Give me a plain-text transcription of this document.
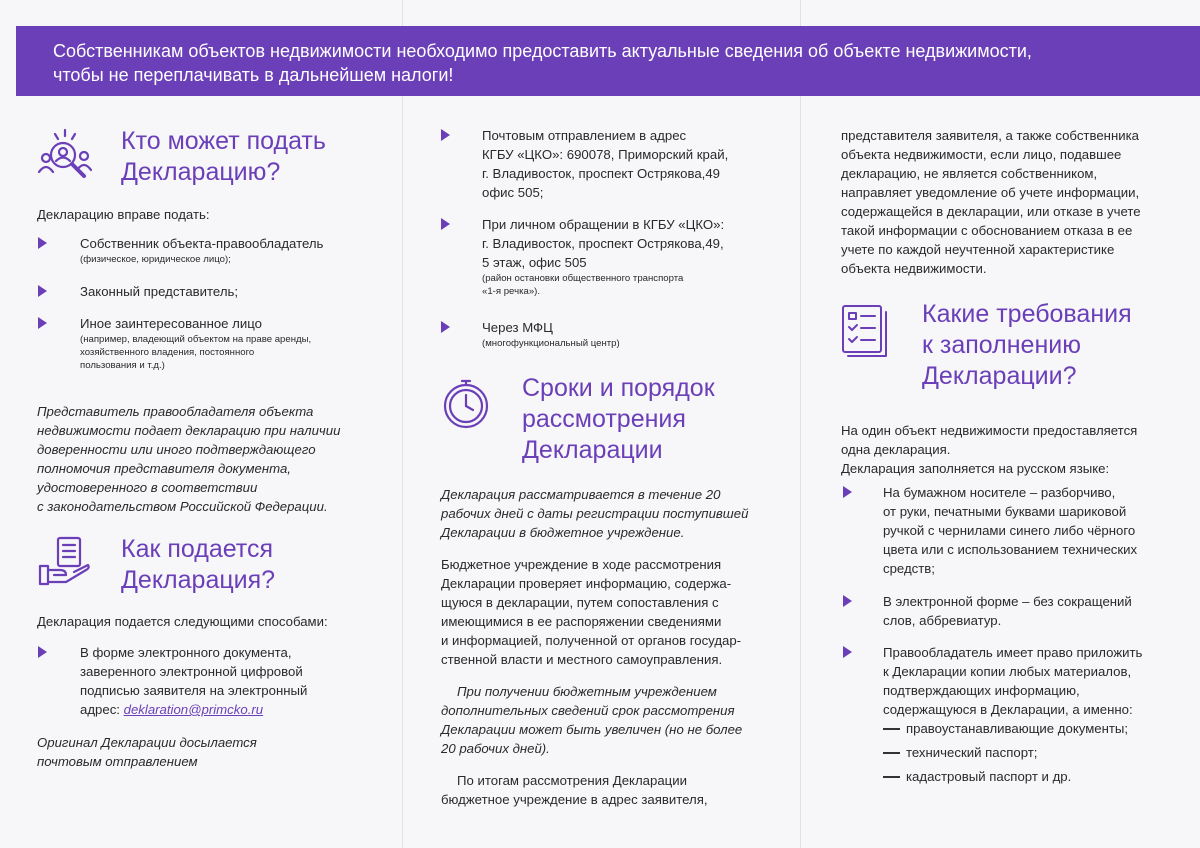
Собственникам объектов недвижимости необходимо предоставить актуальные сведения об объекте недвижимости,
чтобы не переплачивать в дальнейшем налоги!
Кто может подать
Декларацию?
Декларацию вправе подать:
Собственник объекта-правообладатель
(физическое, юридическое лицо);
Законный представитель;
Иное заинтересованное лицо
(например, владеющий объектом на праве аренды,
хозяйственного владения, постоянного
пользования и т.д.)
Представитель правообладателя объекта
недвижимости подает декларацию при наличии
доверенности или иного подтверждающего
полномочия представителя документа,
удостоверенного в соответствии
с законодательством Российской Федерации.
Как подается
Декларация?
Декларация подается следующими способами:
В форме электронного документа,
заверенного электронной цифровой
подписью заявителя на электронный
адрес: deklaration@primcko.ru
Оригинал Декларации досылается
почтовым отправлением
Почтовым отправлением в адрес
КГБУ «ЦКО»: 690078, Приморский край,
г. Владивосток, проспект Острякова,49
офис 505;
При личном обращении в КГБУ «ЦКО»:
г. Владивосток, проспект Острякова,49,
5 этаж, офис 505
(район остановки общественного транспорта
«1-я речка»).
Через МФЦ
(многофункциональный центр)
Сроки и порядок
рассмотрения
Декларации
Декларация рассматривается в течение 20
рабочих дней с даты регистрации поступившей
Декларации в бюджетное учреждение.
Бюджетное учреждение в ходе рассмотрения
Декларации проверяет информацию, содержа-
щуюся в декларации, путем сопоставления с
имеющимися в ее распоряжении сведениями
и информацией, полученной от органов государ-
ственной власти и местного самоуправления.
При получении бюджетным учреждением
дополнительных сведений срок рассмотрения
Декларации может быть увеличен (но не более
20 рабочих дней).
По итогам рассмотрения Декларации
бюджетное учреждение в адрес заявителя,
представителя заявителя, а также собственника
объекта недвижимости, если лицо, подавшее
декларацию, не является собственником,
направляет уведомление об учете информации,
содержащейся в декларации, или отказе в учете
такой информации с обоснованием отказа в ее
учете по каждой неучтенной характеристике
объекта недвижимости.
Какие требования
к заполнению
Декларации?
На один объект недвижимости предоставляется
одна декларация.
Декларация заполняется на русском языке:
На бумажном носителе – разборчиво,
от руки, печатными буквами шариковой
ручкой с чернилами синего либо чёрного
цвета или с использованием технических
средств;
В электронной форме – без сокращений
слов, аббревиатур.
Правообладатель имеет право приложить
к Декларации копии любых материалов,
подтверждающих информацию,
содержащуюся в Декларации, а именно:
правоустанавливающие документы;
технический паспорт;
кадастровый паспорт и др.
